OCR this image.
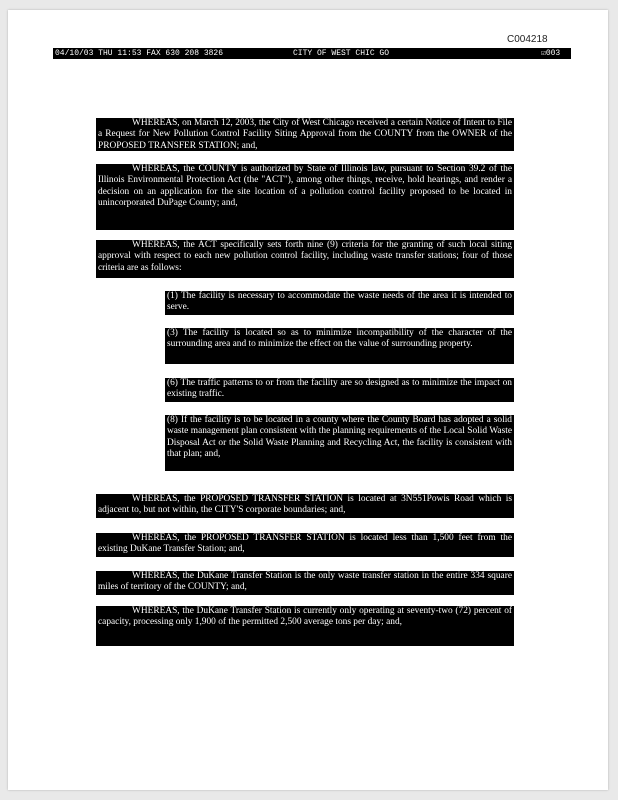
C004218
04/10/03 THU 11:53 FAX 630 208 3826	CITY OF WEST CHIC GO	☑003

WHEREAS, on March 12, 2003, the City of West Chicago received a certain Notice of Intent to File a Request for New Pollution Control Facility Siting Approval from the COUNTY from the OWNER of the PROPOSED TRANSFER STATION; and,

WHEREAS, the COUNTY is authorized by State of Illinois law, pursuant to Section 39.2 of the Illinois Environmental Protection Act (the "ACT"), among other things, receive, hold hearings, and render a decision on an application for the site location of a pollution control facility proposed to be located in unincorporated DuPage County; and,

WHEREAS, the ACT specifically sets forth nine (9) criteria for the granting of such local siting approval with respect to each new pollution control facility, including waste transfer stations; four of those criteria are as follows:

(1) The facility is necessary to accommodate the waste needs of the area it is intended to serve.

(3) The facility is located so as to minimize incompatibility of the character of the surrounding area and to minimize the effect on the value of surrounding property.

(6) The traffic patterns to or from the facility are so designed as to minimize the impact on existing traffic.

(8) If the facility is to be located in a county where the County Board has adopted a solid waste management plan consistent with the planning requirements of the Local Solid Waste Disposal Act or the Solid Waste Planning and Recycling Act, the facility is consistent with that plan; and,

WHEREAS, the PROPOSED TRANSFER STATION is located at 3N551Powis Road which is adjacent to, but not within, the CITY'S corporate boundaries; and,

WHEREAS, the PROPOSED TRANSFER STATION is located less than 1,500 feet from the existing DuKane Transfer Station; and,

WHEREAS, the DuKane Transfer Station is the only waste transfer station in the entire 334 square miles of territory of the COUNTY; and,

WHEREAS, the DuKane Transfer Station is currently only operating at seventy-two (72) percent of capacity, processing only 1,900 of the permitted 2,500 average tons per day; and,
